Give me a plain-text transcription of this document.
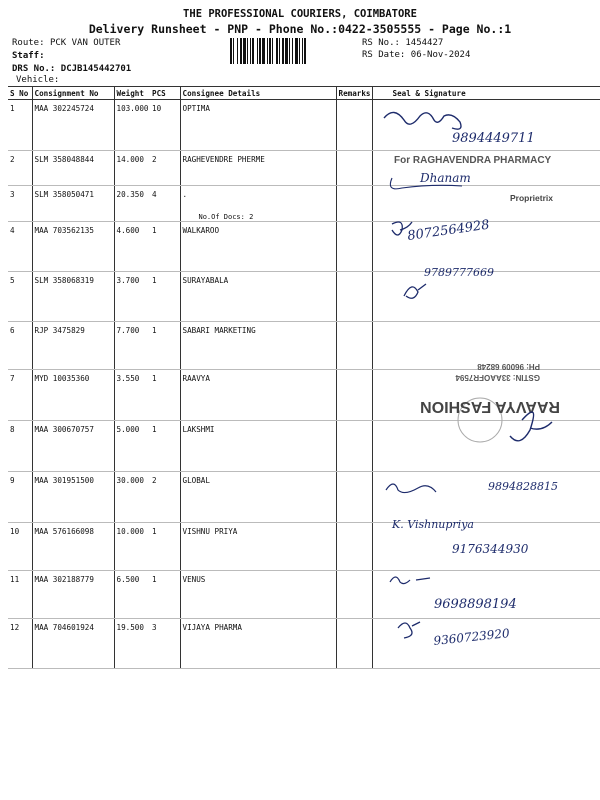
THE PROFESSIONAL COURIERS, COIMBATORE
Delivery Runsheet - PNP - Phone No.:0422-3505555 - Page No.:1
Route: PCK VAN OUTER
Staff:
DRS No.: DCJB145442701
Vehicle:
RS No.: 1454427
RS Date: 06-Nov-2024
S No	Consignment No	Weight	PCS	Consignee Details	Remarks	Seal & Signature
1	MAA 302245724	103.000	10	OPTIMA		
2	SLM 358048844	14.000	2	RAGHEVENDRE PHERME		
3	SLM 358050471	20.350	4	.
No.Of Docs: 2		

4	MAA 703562135	4.600	1	WALKAROO		
5	SLM 358068319	3.700	1	SURAYABALA		
6	RJP 3475829	7.700	1	SABARI MARKETING		
7	MYD 10035360	3.550	1	RAAVYA		
8	MAA 300670757	5.000	1	LAKSHMI		
9	MAA 301951500	30.000	2	GLOBAL		
10	MAA 576166098	10.000	1	VISHNU PRIYA		
11	MAA 302188779	6.500	1	VENUS		
12	MAA 704601924	19.500	3	VIJAYA PHARMA		
9894449711
For RAGHAVENDRA PHARMACY
Dhanam
Proprietrix
8072564928
9789777669
GSTIN: 33AAOFR7594
PH: 96009 68248
RAAVYA FASHION
9894828815
K. Vishnupriya
9176344930
9698898194
9360723920
